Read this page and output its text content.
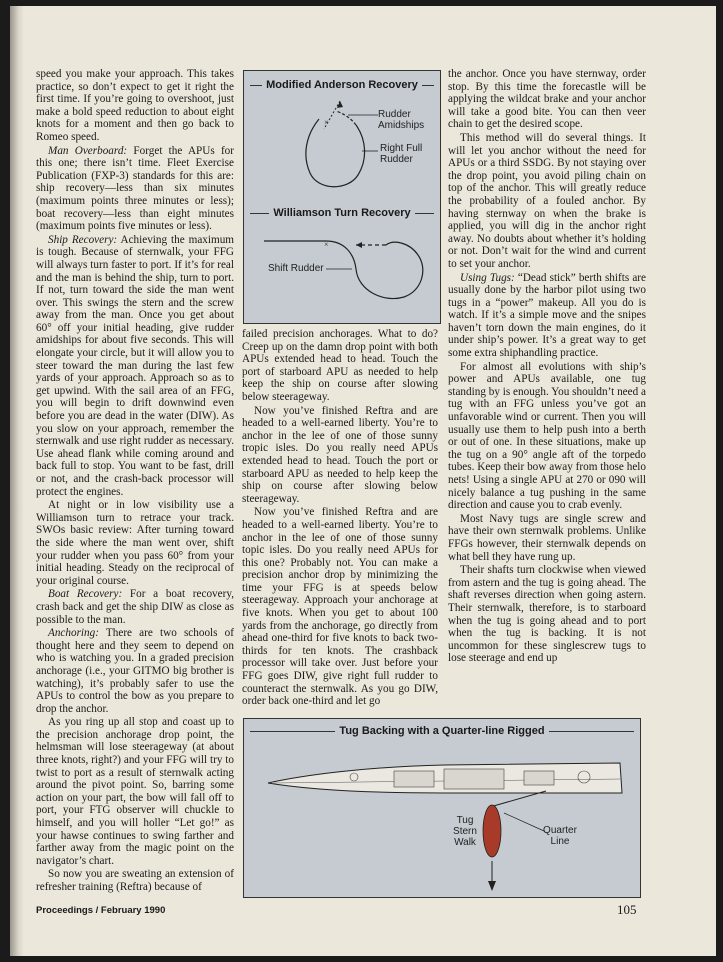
speed you make your approach. This takes practice, so don’t expect to get it right the first time. If you’re going to overshoot, just make a bold speed reduction to about eight knots for a moment and then go back to Romeo speed.

Man Overboard: Forget the APUs for this one; there isn’t time. Fleet Exercise Publication (FXP-3) standards for this are: ship recovery—less than six minutes (maximum points three minutes or less); boat recovery—less than eight minutes (maximum points five minutes or less).

Ship Recovery: Achieving the maximum is tough. Because of sternwalk, your FFG will always turn faster to port. If it’s for real and the man is behind the ship, turn to port. If not, turn toward the side the man went over. This swings the stern and the screw away from the man. Once you get about 60° off your initial heading, give rudder amidships for about five seconds. This will elongate your circle, but it will allow you to steer toward the man during the last few yards of your approach. Approach so as to get upwind. With the sail area of an FFG, you will begin to drift downwind even before you are dead in the water (DIW). As you slow on your approach, remember the sternwalk and use right rudder as necessary. Use ahead flank while coming around and back full to stop. You want to be fast, drill or not, and the crash-back processor will protect the engines.

At night or in low visibility use a Williamson turn to retrace your track. SWOs basic review: After turning toward the side where the man went over, shift your rudder when you pass 60° from your initial heading. Steady on the reciprocal of your original course.

Boat Recovery: For a boat recovery, crash back and get the ship DIW as close as possible to the man.

Anchoring: There are two schools of thought here and they seem to depend on who is watching you. In a graded precision anchorage (i.e., your GITMO big brother is watching), it’s probably safer to use the APUs to control the bow as you prepare to drop the anchor.

As you ring up all stop and coast up to the precision anchorage drop point, the helmsman will lose steerageway (at about three knots, right?) and your FFG will try to twist to port as a result of sternwalk acting around the pivot point. So, barring some action on your part, the bow will fall off to port, your FTG observer will chuckle to himself, and you will holler “Let go!” as your hawse continues to swing farther and farther away from the magic point on the navigator’s chart.

So now you are sweating an extension of refresher training (Reftra) because of

failed precision anchorages. What to do? Creep up on the damn drop point with both APUs extended head to head. Touch the port of starboard APU as needed to help keep the ship on course after slowing below steerageway.

Now you’ve finished Reftra and are headed to a well-earned liberty. You’re to anchor in the lee of one of those sunny tropic isles. Do you really need APUs extended head to head. Touch the port or starboard APU as needed to help keep the ship on course after slowing below steerageway.

Now you’ve finished Reftra and are headed to a well-earned liberty. You’re to anchor in the lee of one of those sunny topic isles. Do you really need APUs for this one? Probably not. You can make a precision anchor drop by minimizing the time your FFG is at speeds below steerageway. Approach your anchorage at five knots. When you get to about 100 yards from the anchorage, go directly from ahead one-third for five knots to back two-thirds for ten knots. The crashback processor will take over. Just before your FFG goes DIW, give right full rudder to counteract the sternwalk. As you go DIW, order back one-third and let go

the anchor. Once you have sternway, order stop. By this time the forecastle will be applying the wildcat brake and your anchor will take a good bite. You can then veer chain to get the desired scope.

This method will do several things. It will let you anchor without the need for APUs or a third SSDG. By not staying over the drop point, you avoid piling chain on top of the anchor. This will greatly reduce the probability of a fouled anchor. By having sternway on when the brake is applied, you will dig in the anchor right away. No doubts about whether it’s holding or not. Don’t wait for the wind and current to set your anchor.

Using Tugs: “Dead stick” berth shifts are usually done by the harbor pilot using two tugs in a “power” makeup. All you do is watch. If it’s a simple move and the snipes haven’t torn down the main engines, do it under ship’s power. It’s a great way to get some extra shiphandling practice.

For almost all evolutions with ship’s power and APUs available, one tug standing by is enough. You shouldn’t need a tug with an FFG unless you’ve got an unfavorable wind or current. Then you will usually use them to help push into a berth or out of one. In these situations, make up the tug on a 90° angle aft of the torpedo tubes. Keep their bow away from those helo nets! Using a single APU at 270 or 090 will nicely balance a tug pushing in the same direction and cause you to crab evenly.

Most Navy tugs are single screw and have their own sternwalk problems. Unlike FFGs however, their sternwalk depends on what bell they have rung up.

Their shafts turn clockwise when viewed from astern and the tug is going ahead. The shaft reverses direction when going astern. Their sternwalk, therefore, is to starboard when the tug is going ahead and to port when the tug is backing. It is not uncommon for these singlescrew tugs to lose steerage and end up

Modified Anderson Recovery
×
Rudder Amidships
Right Full Rudder
Williamson Turn Recovery
×
Shift Rudder
Tug Backing with a Quarter-line Rigged
Tug Stern Walk
Quarter Line
Proceedings / February 1990	105
